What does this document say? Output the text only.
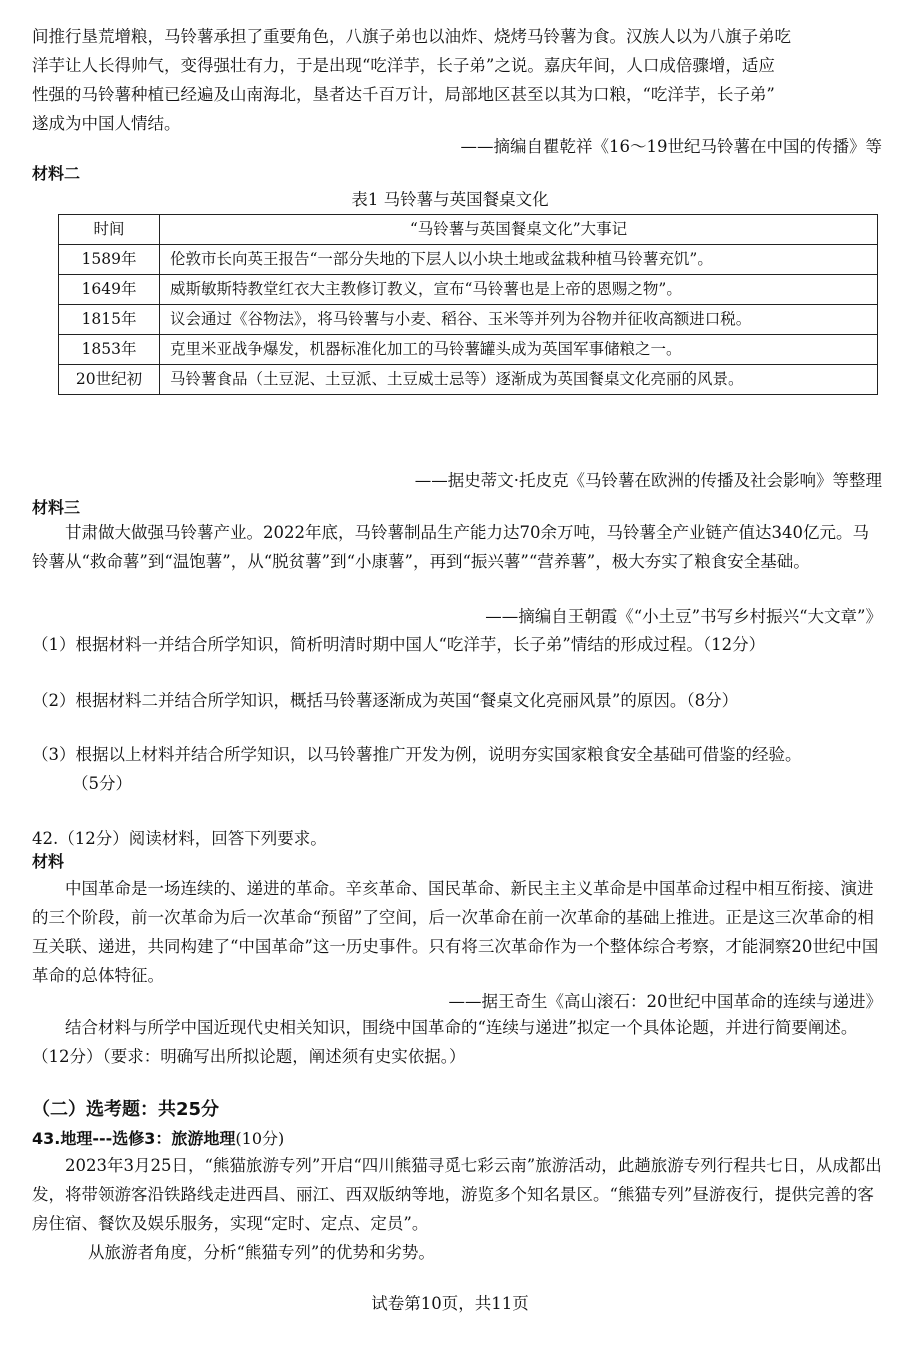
间推行垦荒增粮，马铃薯承担了重要角色，八旗子弟也以油炸、烧烤马铃薯为食。汉族人以为八旗子弟吃

洋芋让人长得帅气，变得强壮有力，于是出现“吃洋芋，长子弟”之说。嘉庆年间，人口成倍骤增，适应

性强的马铃薯种植已经遍及山南海北，垦者达千百万计，局部地区甚至以其为口粮，“吃洋芋，长子弟”

遂成为中国人情结。

——摘编自瞿乾祥《16～19世纪马铃薯在中国的传播》等

材料二
表1 马铃薯与英国餐桌文化
时间	“马铃薯与英国餐桌文化”大事记
1589年	伦敦市长向英王报告“一部分失地的下层人以小块土地或盆栽种植马铃薯充饥”。
1649年	威斯敏斯特教堂红衣大主教修订教义，宣布“马铃薯也是上帝的恩赐之物”。
1815年	议会通过《谷物法》，将马铃薯与小麦、稻谷、玉米等并列为谷物并征收高额进口税。
1853年	克里米亚战争爆发，机器标准化加工的马铃薯罐头成为英国军事储粮之一。
20世纪初	马铃薯食品（土豆泥、土豆派、土豆威士忌等）逐渐成为英国餐桌文化亮丽的风景。

——据史蒂文·托皮克《马铃薯在欧洲的传播及社会影响》等整理

材料三

甘肃做大做强马铃薯产业。2022年底，马铃薯制品生产能力达70余万吨，马铃薯全产业链产值达340亿元。马铃薯从“救命薯”到“温饱薯”，从“脱贫薯”到“小康薯”，再到“振兴薯”“营养薯”，极大夯实了粮食安全基础。

——摘编自王朝霞《“小土豆”书写乡村振兴“大文章”》

（1）根据材料一并结合所学知识，简析明清时期中国人“吃洋芋，长子弟”情结的形成过程。（12分）

（2）根据材料二并结合所学知识，概括马铃薯逐渐成为英国“餐桌文化亮丽风景”的原因。（8分）

（3）根据以上材料并结合所学知识，以马铃薯推广开发为例，说明夯实国家粮食安全基础可借鉴的经验。

（5分）

42.（12分）阅读材料，回答下列要求。

材料

中国革命是一场连续的、递进的革命。辛亥革命、国民革命、新民主主义革命是中国革命过程中相互衔接、演进的三个阶段，前一次革命为后一次革命“预留”了空间，后一次革命在前一次革命的基础上推进。正是这三次革命的相互关联、递进，共同构建了“中国革命”这一历史事件。只有将三次革命作为一个整体综合考察，才能洞察20世纪中国革命的总体特征。

——据王奇生《高山滚石：20世纪中国革命的连续与递进》

结合材料与所学中国近现代史相关知识，围绕中国革命的“连续与递进”拟定一个具体论题，并进行简要阐述。（12分）（要求：明确写出所拟论题，阐述须有史实依据。）

（二）选考题：共25分
43.地理---选修3：旅游地理(10分)

2023年3月25日，“熊猫旅游专列”开启“四川熊猫寻觅七彩云南”旅游活动，此趟旅游专列行程共七日，从成都出发，将带领游客沿铁路线走进西昌、丽江、西双版纳等地，游览多个知名景区。“熊猫专列”昼游夜行，提供完善的客房住宿、餐饮及娱乐服务，实现“定时、定点、定员”。

从旅游者角度，分析“熊猫专列”的优势和劣势。

试卷第10页，共11页
